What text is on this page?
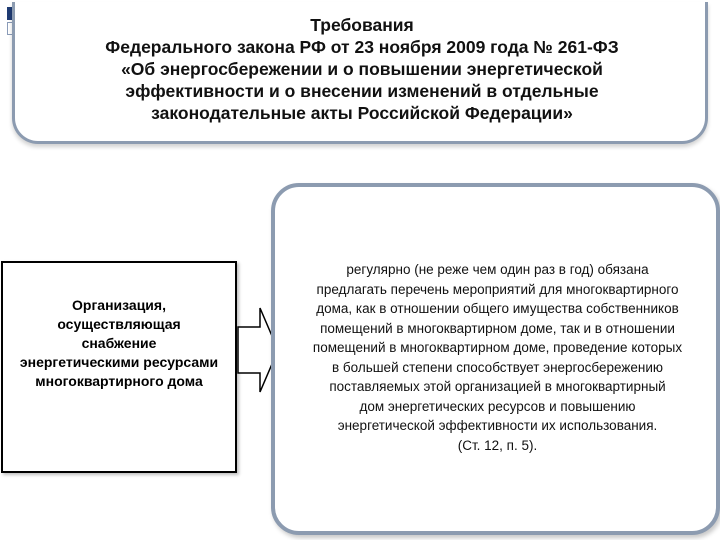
Требования
Федерального закона РФ от 23 ноября 2009 года № 261-ФЗ
«Об энергосбережении и о повышении энергетической
эффективности и о внесении изменений в отдельные
законодательные акты Российской Федерации»
Организация,
осуществляющая
снабжение
энергетическими ресурсами
многоквартирного дома
регулярно (не реже чем один раз в год) обязана
предлагать перечень мероприятий для многоквартирного
дома, как в отношении общего имущества собственников
помещений в многоквартирном доме, так и в отношении
помещений в многоквартирном доме, проведение которых
в большей степени способствует энергосбережению
поставляемых этой организацией в многоквартирный
дом энергетических ресурсов и повышению
энергетической эффективности их использования.
(Ст. 12, п. 5).
